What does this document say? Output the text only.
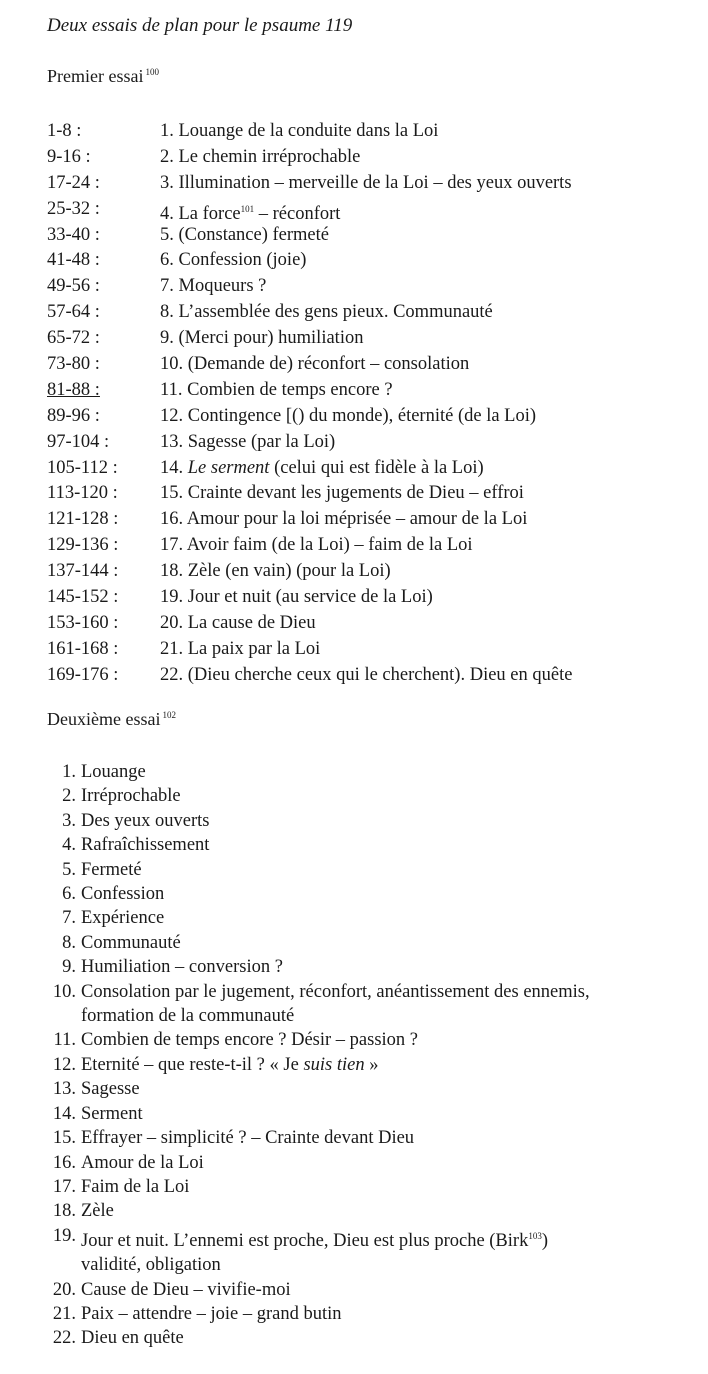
Deux essais de plan pour le psaume 119
Premier essai $^{100}$
1-8 :	1. Louange de la conduite dans la Loi
9-16 :	2. Le chemin irréprochable
17-24 :	3. Illumination – merveille de la Loi – des yeux ouverts
25-32 :	4. La force$^{101}$ – réconfort
33-40 :	5. (Constance) fermeté
41-48 :	6. Confession (joie)
49-56 :	7. Moqueurs ?
57-64 :	8. L’assemblée des gens pieux. Communauté
65-72 :	9. (Merci pour) humiliation
73-80 :	10. (Demande de) réconfort – consolation
81-88 :	11. Combien de temps encore ?
89-96 :	12. Contingence [() du monde), éternité (de la Loi)
97-104 :	13. Sagesse (par la Loi)
105-112 :	14. Le serment (celui qui est fidèle à la Loi)
113-120 :	15. Crainte devant les jugements de Dieu – effroi
121-128 :	16. Amour pour la loi méprisée – amour de la Loi
129-136 :	17. Avoir faim (de la Loi) – faim de la Loi
137-144 :	18. Zèle (en vain) (pour la Loi)
145-152 :	19. Jour et nuit (au service de la Loi)
153-160 :	20. La cause de Dieu
161-168 :	21. La paix par la Loi
169-176 :	22. (Dieu cherche ceux qui le cherchent). Dieu en quête
Deuxième essai $^{102}$
1. Louange
2. Irréprochable
3. Des yeux ouverts
4. Rafraîchissement
5. Fermeté
6. Confession
7. Expérience
8. Communauté
9. Humiliation – conversion ?
10. Consolation par le jugement, réconfort, anéantissement des ennemis,
formation de la communauté
11. Combien de temps encore ? Désir – passion ?
12. Eternité – que reste-t-il ? « Je suis tien »
13. Sagesse
14. Serment
15. Effrayer – simplicité ? – Crainte devant Dieu
16. Amour de la Loi
17. Faim de la Loi
18. Zèle
19. Jour et nuit. L’ennemi est proche, Dieu est plus proche (Birk$^{103}$)
validité, obligation
20. Cause de Dieu – vivifie-moi
21. Paix – attendre – joie – grand butin
22. Dieu en quête
